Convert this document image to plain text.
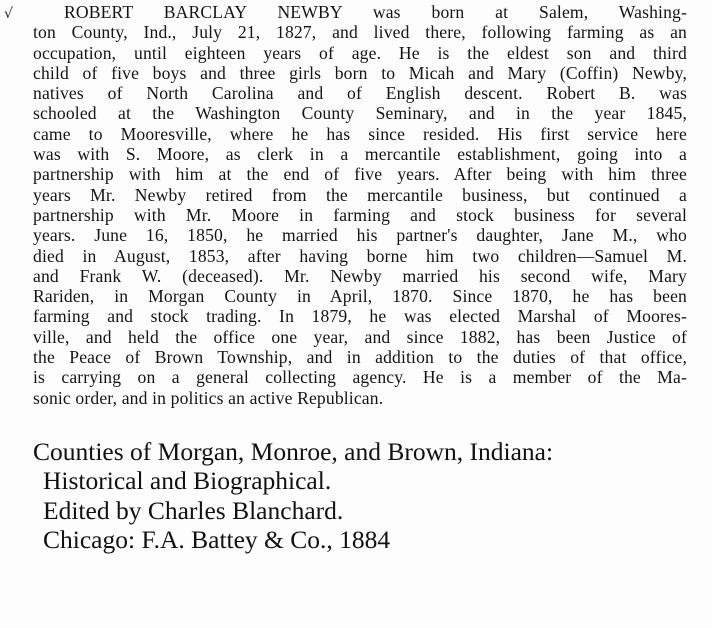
√	ROBERT BARCLAY NEWBY was born at Salem, Washing-
ton County, Ind., July 21, 1827, and lived there, following farming as an
occupation, until eighteen years of age. He is the eldest son and third
child of five boys and three girls born to Micah and Mary (Coffin) Newby,
natives of North Carolina and of English descent. Robert B. was
schooled at the Washington County Seminary, and in the year 1845,
came to Mooresville, where he has since resided. His first service here
was with S. Moore, as clerk in a mercantile establishment, going into a
partnership with him at the end of five years. After being with him three
years Mr. Newby retired from the mercantile business, but continued a
partnership with Mr. Moore in farming and stock business for several
years. June 16, 1850, he married his partner's daughter, Jane M., who
died in August, 1853, after having borne him two children—Samuel M.
and Frank W. (deceased). Mr. Newby married his second wife, Mary
Rariden, in Morgan County in April, 1870. Since 1870, he has been
farming and stock trading. In 1879, he was elected Marshal of Moores-
ville, and held the office one year, and since 1882, has been Justice of
the Peace of Brown Township, and in addition to the duties of that office,
is carrying on a general collecting agency. He is a member of the Ma-
sonic order, and in politics an active Republican.
Counties of Morgan, Monroe, and Brown, Indiana:
Historical and Biographical.
Edited by Charles Blanchard.
Chicago: F.A. Battey & Co., 1884
